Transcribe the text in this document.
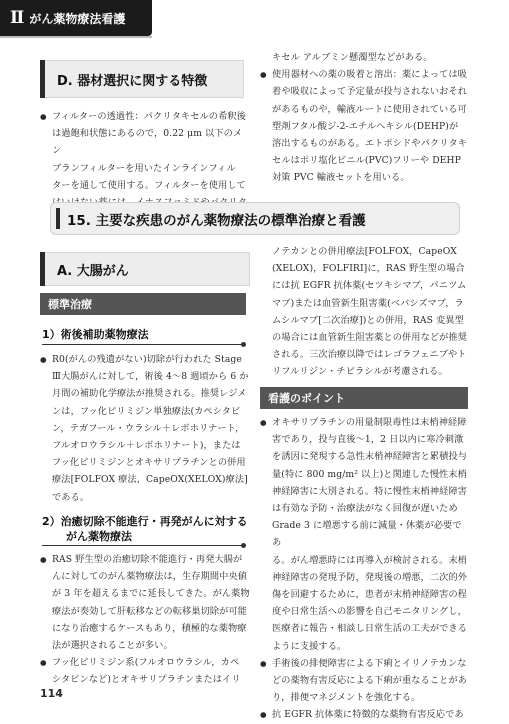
Ⅱ がん薬物療法看護
D. 器材選択に関する特徴
● フィルターの透過性：パクリタキセルの希釈後
は過飽和状態にあるので，0.22 μm 以下のメン
ブランフィルターを用いたインラインフィル
ターを通して使用する。フィルターを使用して
キセル アルブミン懸濁型などがある。
● 使用器材への薬の吸着と溶出：薬によっては吸
着や吸収によって予定量が投与されないおそれ
があるものや，輸液ルートに使用されている可
塑剤フタル酸ジ-2-エチルヘキシル(DEHP)が
溶出するものがある。エトポシドやパクリタキ
セルはポリ塩化ビニル(PVC)フリーや DEHP
対策 PVC 輸液セットを用いる。
15. 主要な疾患のがん薬物療法の標準治療と看護
A. 大腸がん
標準治療
1）術後補助薬物療法
● R0(がんの残遺がない)切除が行われた Stage
Ⅲ大腸がんに対して，術後 4～8 週頃から 6 か
月間の補助化学療法が推奨される。推奨レジメ
ンは，フッ化ピリミジン単独療法(カペシタビ
ン，テガフール・ウラシル＋レボホリナート，
フルオロウラシル＋レボホリナート)，または
フッ化ピリミジンとオキサリプラチンとの併用
療法[FOLFOX 療法，CapeOX(XELOX)療法]
である。
2）治癒切除不能進行・再発がんに対する
がん薬物療法
● RAS 野生型の治癒切除不能進行・再発大腸が
んに対してのがん薬物療法は，生存期間中央値
が 3 年を超えるまでに延長してきた。がん薬物
療法が奏効して肝転移などの転移巣切除が可能
になり治癒するケースもあり，積極的な薬物療
法が選択されることが多い。
● フッ化ピリミジン系(フルオロウラシル，カペ
シタビンなど)とオキサリプラチンまたはイリ
ノテカンとの併用療法[FOLFOX，CapeOX
(XELOX)，FOLFIRI]に，RAS 野生型の場合
には抗 EGFR 抗体薬(セツキシマブ，パニツム
マブ)または血管新生阻害薬(ベバシズマブ，ラ
ムシルマブ[二次治療])との併用，RAS 変異型
の場合には血管新生阻害薬との併用などが推奨
される。三次治療以降ではレゴラフェニブやト
リフルリジン・チピラシルが考慮される。
看護のポイント
● オキサリプラチンの用量制限毒性は末梢神経障
害であり，投与直後～1，2 日以内に寒冷刺激
を誘因に発現する急性末梢神経障害と累積投与
量(特に 800 mg/m² 以上)と関連した慢性末梢
神経障害に大別される。特に慢性末梢神経障害
は有効な予防・治療法がなく回復が遅いため
Grade 3 に増悪する前に減量・休薬が必要であ
る。がん増悪時には再導入が検討される。末梢
神経障害の発現予防，発現後の増悪，二次的外
傷を回避するために，患者が末梢神経障害の程
度や日常生活への影響を自己モニタリングし，
医療者に報告・相談し日常生活の工夫ができる
ように支援する。
● 手術後の排便障害による下痢とイリノテカンな
どの薬物有害反応による下痢が重なることがあ
り，排便マネジメントを強化する。
● 抗 EGFR 抗体薬に特徴的な薬物有害反応であ
114
